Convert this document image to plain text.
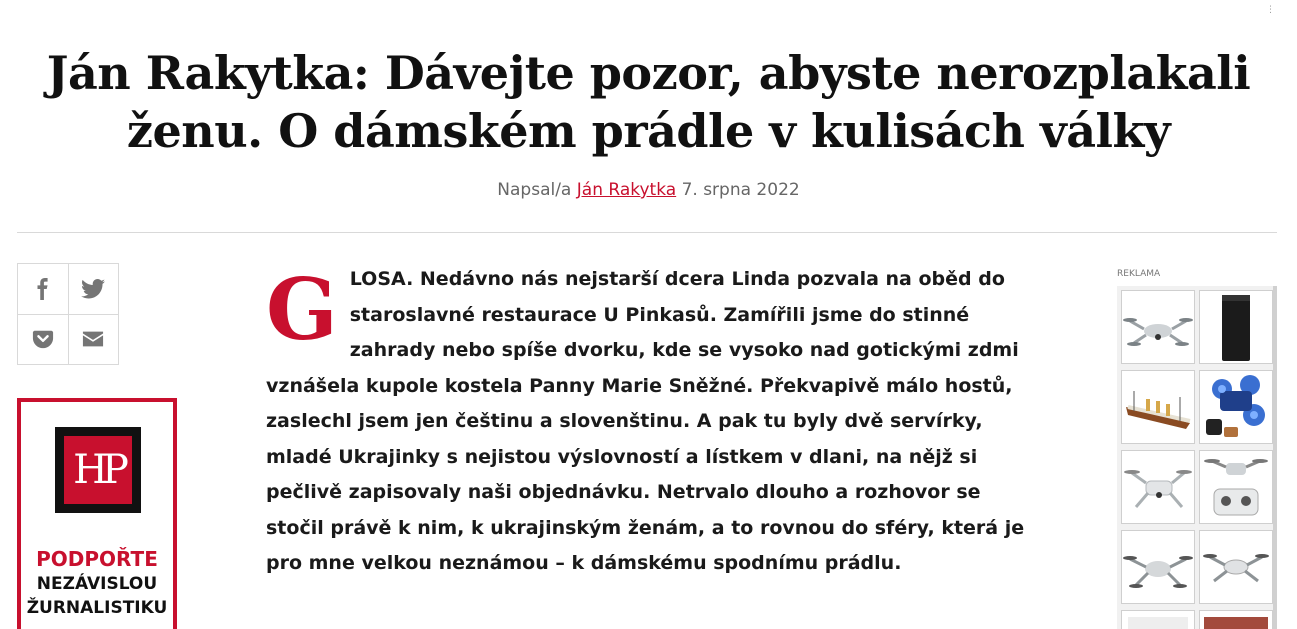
⋮
Ján Rakytka: Dávejte pozor, abyste nerozplakali ženu. O dámském prádle v kulisách války
Napsal/a Ján Rakytka 7. srpna 2022
HP
PODPOŘTE
NEZÁVISLOU
ŽURNALISTIKU
G LOSA. Nedávno nás nejstarší dcera Linda pozvala na oběd do staroslavné restaurace U Pinkasů. Zamířili jsme do stinné zahrady nebo spíše dvorku, kde se vysoko nad gotickými zdmi vznášela kupole kostela Panny Marie Sněžné. Překvapivě málo hostů, zaslechl jsem jen češtinu a slovenštinu. A pak tu byly dvě servírky, mladé Ukrajinky s nejistou výslovností a lístkem v dlani, na nějž si pečlivě zapisovaly naši objednávku. Netrvalo dlouho a rozhovor se stočil právě k nim, k ukrajinským ženám, a to rovnou do sféry, která je pro mne velkou neznámou – k dámskému spodnímu prádlu.

REKLAMA
